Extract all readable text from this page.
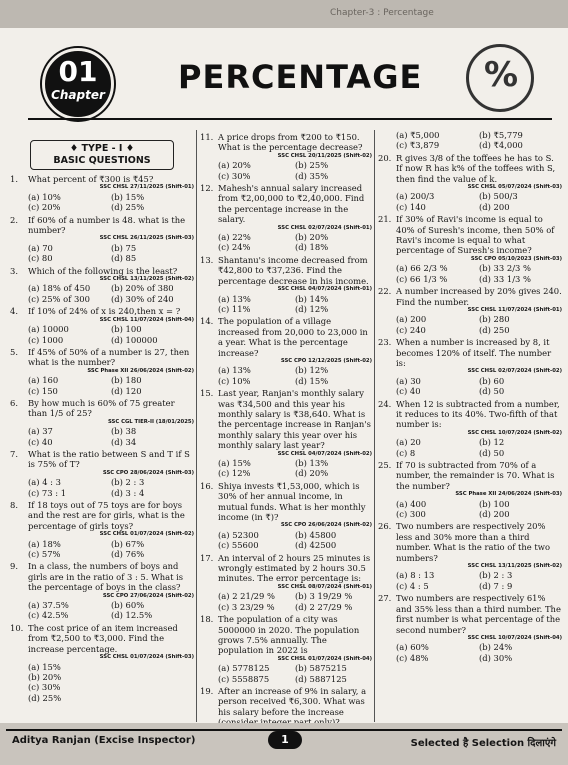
Chapter-3 : Percentage
01
Chapter PERCENTAGE
%
♦ TYPE - I ♦
BASIC QUESTIONS
1.	What percent of ₹300 is ₹45?
SSC CHSL 27/11/2025 (Shift-01)
(a) 10%	(b) 15%
(c) 20%	(d) 25%
2.	If 60% of a number is 48. what is the number?
SSC CHSL 26/11/2025 (Shift-03)
(a) 70	(b) 75
(c) 80	(d) 85
3.	Which of the following is the least?
SSC CHSL 13/11/2025 (Shift-02)
(a) 18% of 450	(b) 20% of 380
(c) 25% of 300	(d) 30% of 240
4.	If 10% of 24% of x is 240,then x = ?
SSC CHSL 11/07/2024 (Shift-04)
(a) 10000	(b) 100
(c) 1000	(d) 100000
5.	If 45% of 50% of a number is 27, then what is the number?
SSC Phase XII 26/06/2024 (Shift-02)
(a) 160	(b) 180
(c) 150	(d) 120
6.	By how much is 60% of 75 greater than 1/5 of 25?
SSC CGL TIER-II (18/01/2025)
(a) 37	(b) 38
(c) 40	(d) 34
7.	What is the ratio between S and T if S is 75% of T?
SSC CPO 28/06/2024 (Shift-03)
(a) 4 : 3	(b) 2 : 3
(c) 73 : 1	(d) 3 : 4
8.	If 18 toys out of 75 toys are for boys and the rest are for girls, what is the percentage of girls toys?
SSC CHSL 01/07/2024 (Shift-02)
(a) 18%	(b) 67%
(c) 57%	(d) 76%
9.	In a class, the numbers of boys and girls are in the ratio of 3 : 5. What is the percentage of boys in the class?
SSC CPO 27/06/2024 (Shift-02)
(a) 37.5%	(b) 60%
(c) 42.5%	(d) 12.5%
10. The cost price of an item increased from ₹2,500 to ₹3,000. Find the increase percentage.
SSC CHSL 01/07/2024 (Shift-03)
(a) 15%
(b) 20%
(c) 30%
(d) 25%
11. A price drops from ₹200 to ₹150. What is the percentage decrease?
SSC CHSL 20/11/2025 (Shift-02)
(a) 20%	(b) 25%
(c) 30%	(d) 35%
12. Mahesh's annual salary increased from ₹2,00,000 to ₹2,40,000. Find the percentage increase in the salary.
SSC CHSL 02/07/2024 (Shift-01)
(a) 22%	(b) 20%
(c) 24%	(d) 18%
13. Shantanu's income decreased from ₹42,800 to ₹37,236. Find the percentage decrease in his income.
SSC CHSL 04/07/2024 (Shift-01)
(a) 13%	(b) 14%
(c) 11%	(d) 12%
14. The population of a village increased from 20,000 to 23,000 in a year. What is the percentage increase?
SSC CPO 12/12/2025 (Shift-02)
(a) 13%	(b) 12%
(c) 10%	(d) 15%
15. Last year, Ranjan's monthly salary was ₹34,500 and this year his monthly salary is ₹38,640. What is the percentage increase in Ranjan's monthly salary this year over his monthly salary last year?
SSC CHSL 04/07/2024 (Shift-02)
(a) 15%	(b) 13%
(c) 12%	(d) 20%
16. Shiya invests ₹1,53,000, which is 30% of her annual income, in mutual funds. What is her monthly income (in ₹)?
SSC CPO 26/06/2024 (Shift-02)
(a) 52300	(b) 45800
(c) 55600	(d) 42500
17. An interval of 2 hours 25 minutes is wrongly estimated by 2 hours 30.5 minutes. The error percentage is:
SSC CHSL 08/07/2024 (Shift-01)
(a) 2 21/29 %	(b) 3 19/29 %
(c) 3 23/29 %	(d) 2 27/29 %
18. The population of a city was 5000000 in 2020. The population grows 7.5% annually. The population in 2022 is
SSC CHSL 01/07/2024 (Shift-04)
(a) 5778125	(b) 5875215
(c) 5558875	(d) 5887125
19. After an increase of 9% in salary, a person received ₹6,300. What was his salary before the increase
(a) ₹5,000	(b) ₹5,779
(c) ₹3,879	(d) ₹4,000
20. R gives 3/8 of the toffees he has to S. If now R has k% of the toffees with S, then find the value of k.
SSC CHSL 05/07/2024 (Shift-03)
(a) 200/3	(b) 500/3
(c) 140	(d) 200
21. If 30% of Ravi's income is equal to 40% of Suresh's income, then 50% of Ravi's income is equal to what percentage of Suresh's income?
SSC CPO 05/10/2023 (Shift-03)
(a) 66 2/3 %	(b) 33 2/3 %
(c) 66 1/3 %	(d) 33 1/3 %
22. A number increased by 20% gives 240. Find the number.
SSC CHSL 11/07/2024 (Shift-01)
(a) 200	(b) 280
(c) 240	(d) 250
23. When a number is increased by 8, it becomes 120% of itself. The number is:
SSC CHSL 02/07/2024 (Shift-02)
(a) 30	(b) 60
(c) 40	(d) 50
24. When 12 is subtracted from a number, it reduces to its 40%. Two-fifth of that number is:
SSC CHSL 10/07/2024 (Shift-02)
(a) 20	(b) 12
(c) 8	(d) 50
25. If 70 is subtracted from 70% of a number, the remainder is 70. What is the number?
SSC Phase XII 24/06/2024 (Shift-03)
(a) 400	(b) 100
(c) 300	(d) 200
26. Two numbers are respectively 20% less and 30% more than a third number. What is the ratio of the two numbers?
SSC CHSL 13/11/2025 (Shift-02)
(a) 8 : 13	(b) 2 : 3
(c) 4 : 5	(d) 7 : 9
27. Two numbers are respectively 61% and 35% less than a third number. The first number is what percentage of the second number?
SSC CHSL 10/07/2024 (Shift-04)
(a) 60%	(b) 24%
(c) 48%	(d) 30%
Aditya Ranjan (Excise Inspector)	1	Selected है Selection दिलाएंगे
